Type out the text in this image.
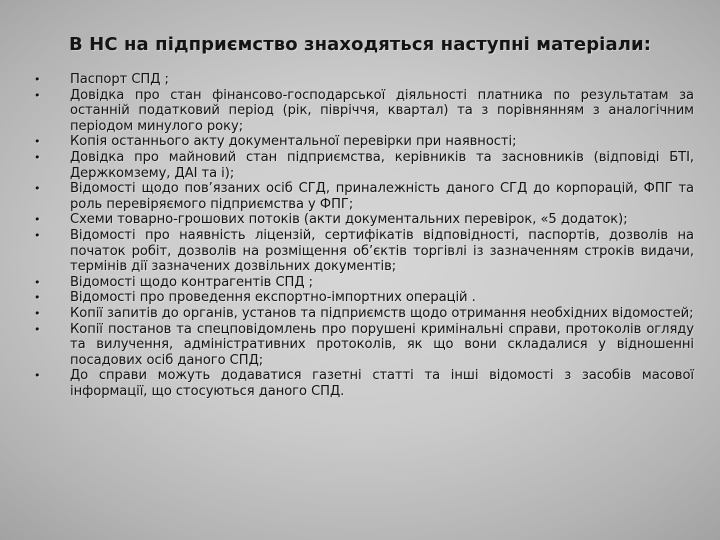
В НС на підприємство знаходяться наступні матеріали:
• Паспорт СПД ;
• Довідка про стан фінансово-господарської діяльності платника по результатам за останній податковий період (рік, півріччя, квартал) та з порівнянням з аналогічним періодом минулого року;
• Копія останнього акту документальної перевірки при наявності;
• Довідка про майновий стан підприємства, керівників та засновників (відповіді БТІ, Держкомзему, ДАІ та і);
• Відомості щодо пов’язаних осіб СГД, приналежність даного СГД до корпорацій, ФПГ та роль перевіряємого підприємства у ФПГ;
• Схеми товарно-грошових потоків (акти документальних перевірок, «5 додаток);
• Відомості про наявність ліцензій, сертифікатів відповідності, паспортів, дозволів на початок робіт, дозволів на розміщення об’єктів торгівлі із зазначенням строків видачи, термінів дії зазначених дозвільних документів;
• Відомості щодо контрагентів СПД ;
• Відомості про проведення експортно-імпортних операцій .
• Копії запитів до органів, установ та підприємств щодо отримання необхідних відомостей;
• Копії постанов та спецповідомлень про порушені кримінальні справи, протоколів огляду та вилучення, адміністративних протоколів, як що вони складалися у відношенні посадових осіб даного СПД;
• До справи можуть додаватися газетні статті та інші відомості з засобів масової інформації, що стосуються даного СПД.
